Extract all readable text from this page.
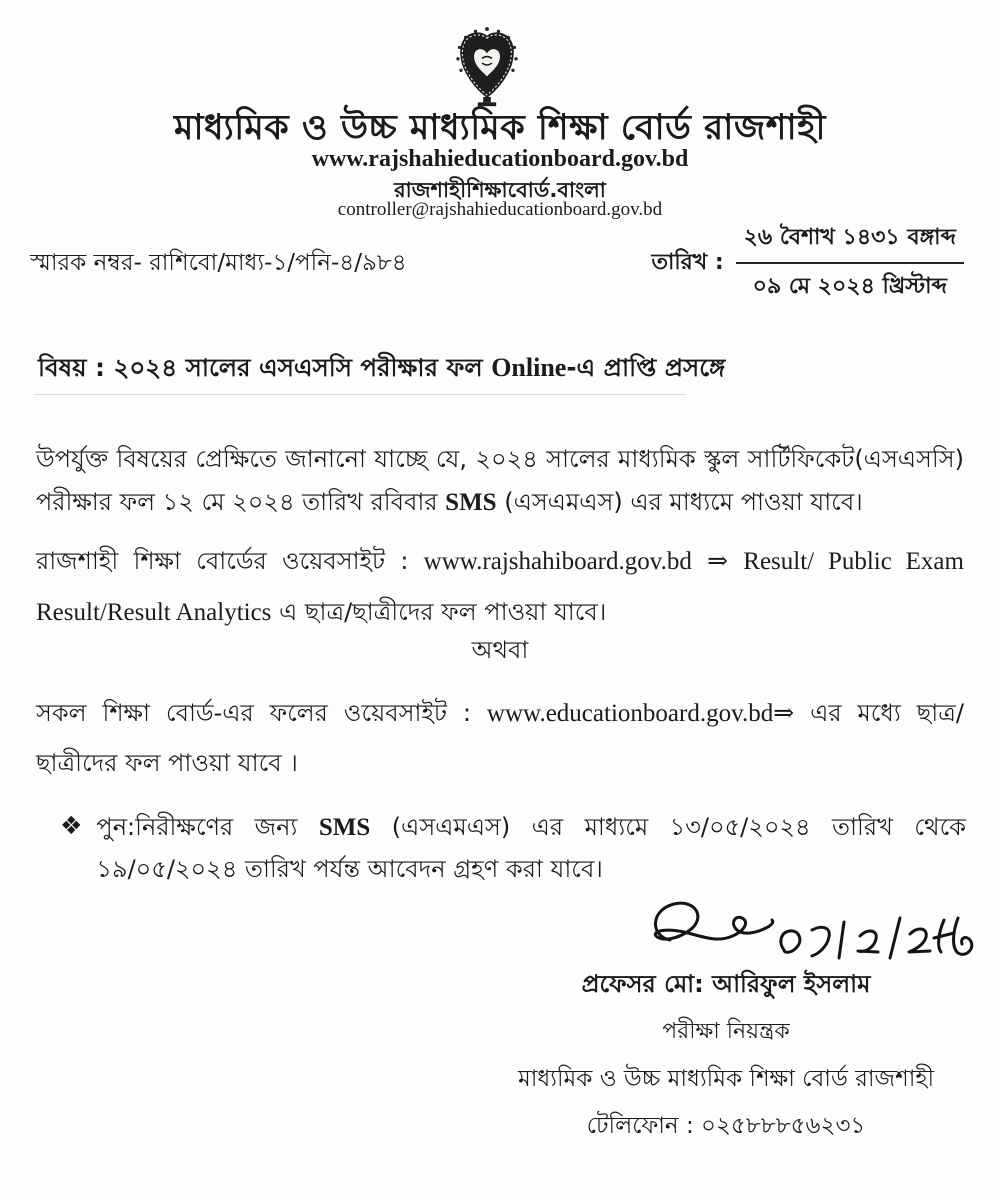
মাধ্যমিক ও উচ্চ মাধ্যমিক শিক্ষা বোর্ড রাজশাহী
www.rajshahieducationboard.gov.bd
রাজশাহীশিক্ষাবোর্ড.বাংলা
controller@rajshahieducationboard.gov.bd
স্মারক নম্বর- রাশিবো/মাধ্য-১/পনি-৪/৯৮৪	তারিখ : $\frac{\text{২৬ বৈশাখ ১৪৩১ বঙ্গাব্দ}}{\text{০৯ মে ২০২৪ খ্রিস্টাব্দ}}$
বিষয় : ২০২৪ সালের এসএসসি পরীক্ষার ফল Online-এ প্রাপ্তি প্রসঙ্গে
উপর্যুক্ত বিষয়ের প্রেক্ষিতে জানানো যাচ্ছে যে, ২০২৪ সালের মাধ্যমিক স্কুল সার্টিফিকেট(এসএসসি) পরীক্ষার ফল ১২ মে ২০২৪ তারিখ রবিবার SMS (এসএমএস) এর মাধ্যমে পাওয়া যাবে।
রাজশাহী শিক্ষা বোর্ডের ওয়েবসাইট : www.rajshahiboard.gov.bd ⇒ Result/ Public Exam Result/Result Analytics এ ছাত্র/ছাত্রীদের ফল পাওয়া যাবে।
অথবা
সকল শিক্ষা বোর্ড-এর ফলের ওয়েবসাইট : www.educationboard.gov.bd⇒ এর মধ্যে ছাত্র/ছাত্রীদের ফল পাওয়া যাবে ।
❖ পুন:নিরীক্ষণের জন্য SMS (এসএমএস) এর মাধ্যমে ১৩/০৫/২০২৪ তারিখ থেকে ১৯/০৫/২০২৪ তারিখ পর্যন্ত আবেদন গ্রহণ করা যাবে।
প্রফেসর মো: আরিফুল ইসলাম
পরীক্ষা নিয়ন্ত্রক
মাধ্যমিক ও উচ্চ মাধ্যমিক শিক্ষা বোর্ড রাজশাহী
টেলিফোন : ০২৫৮৮৮৫৬২৩১
